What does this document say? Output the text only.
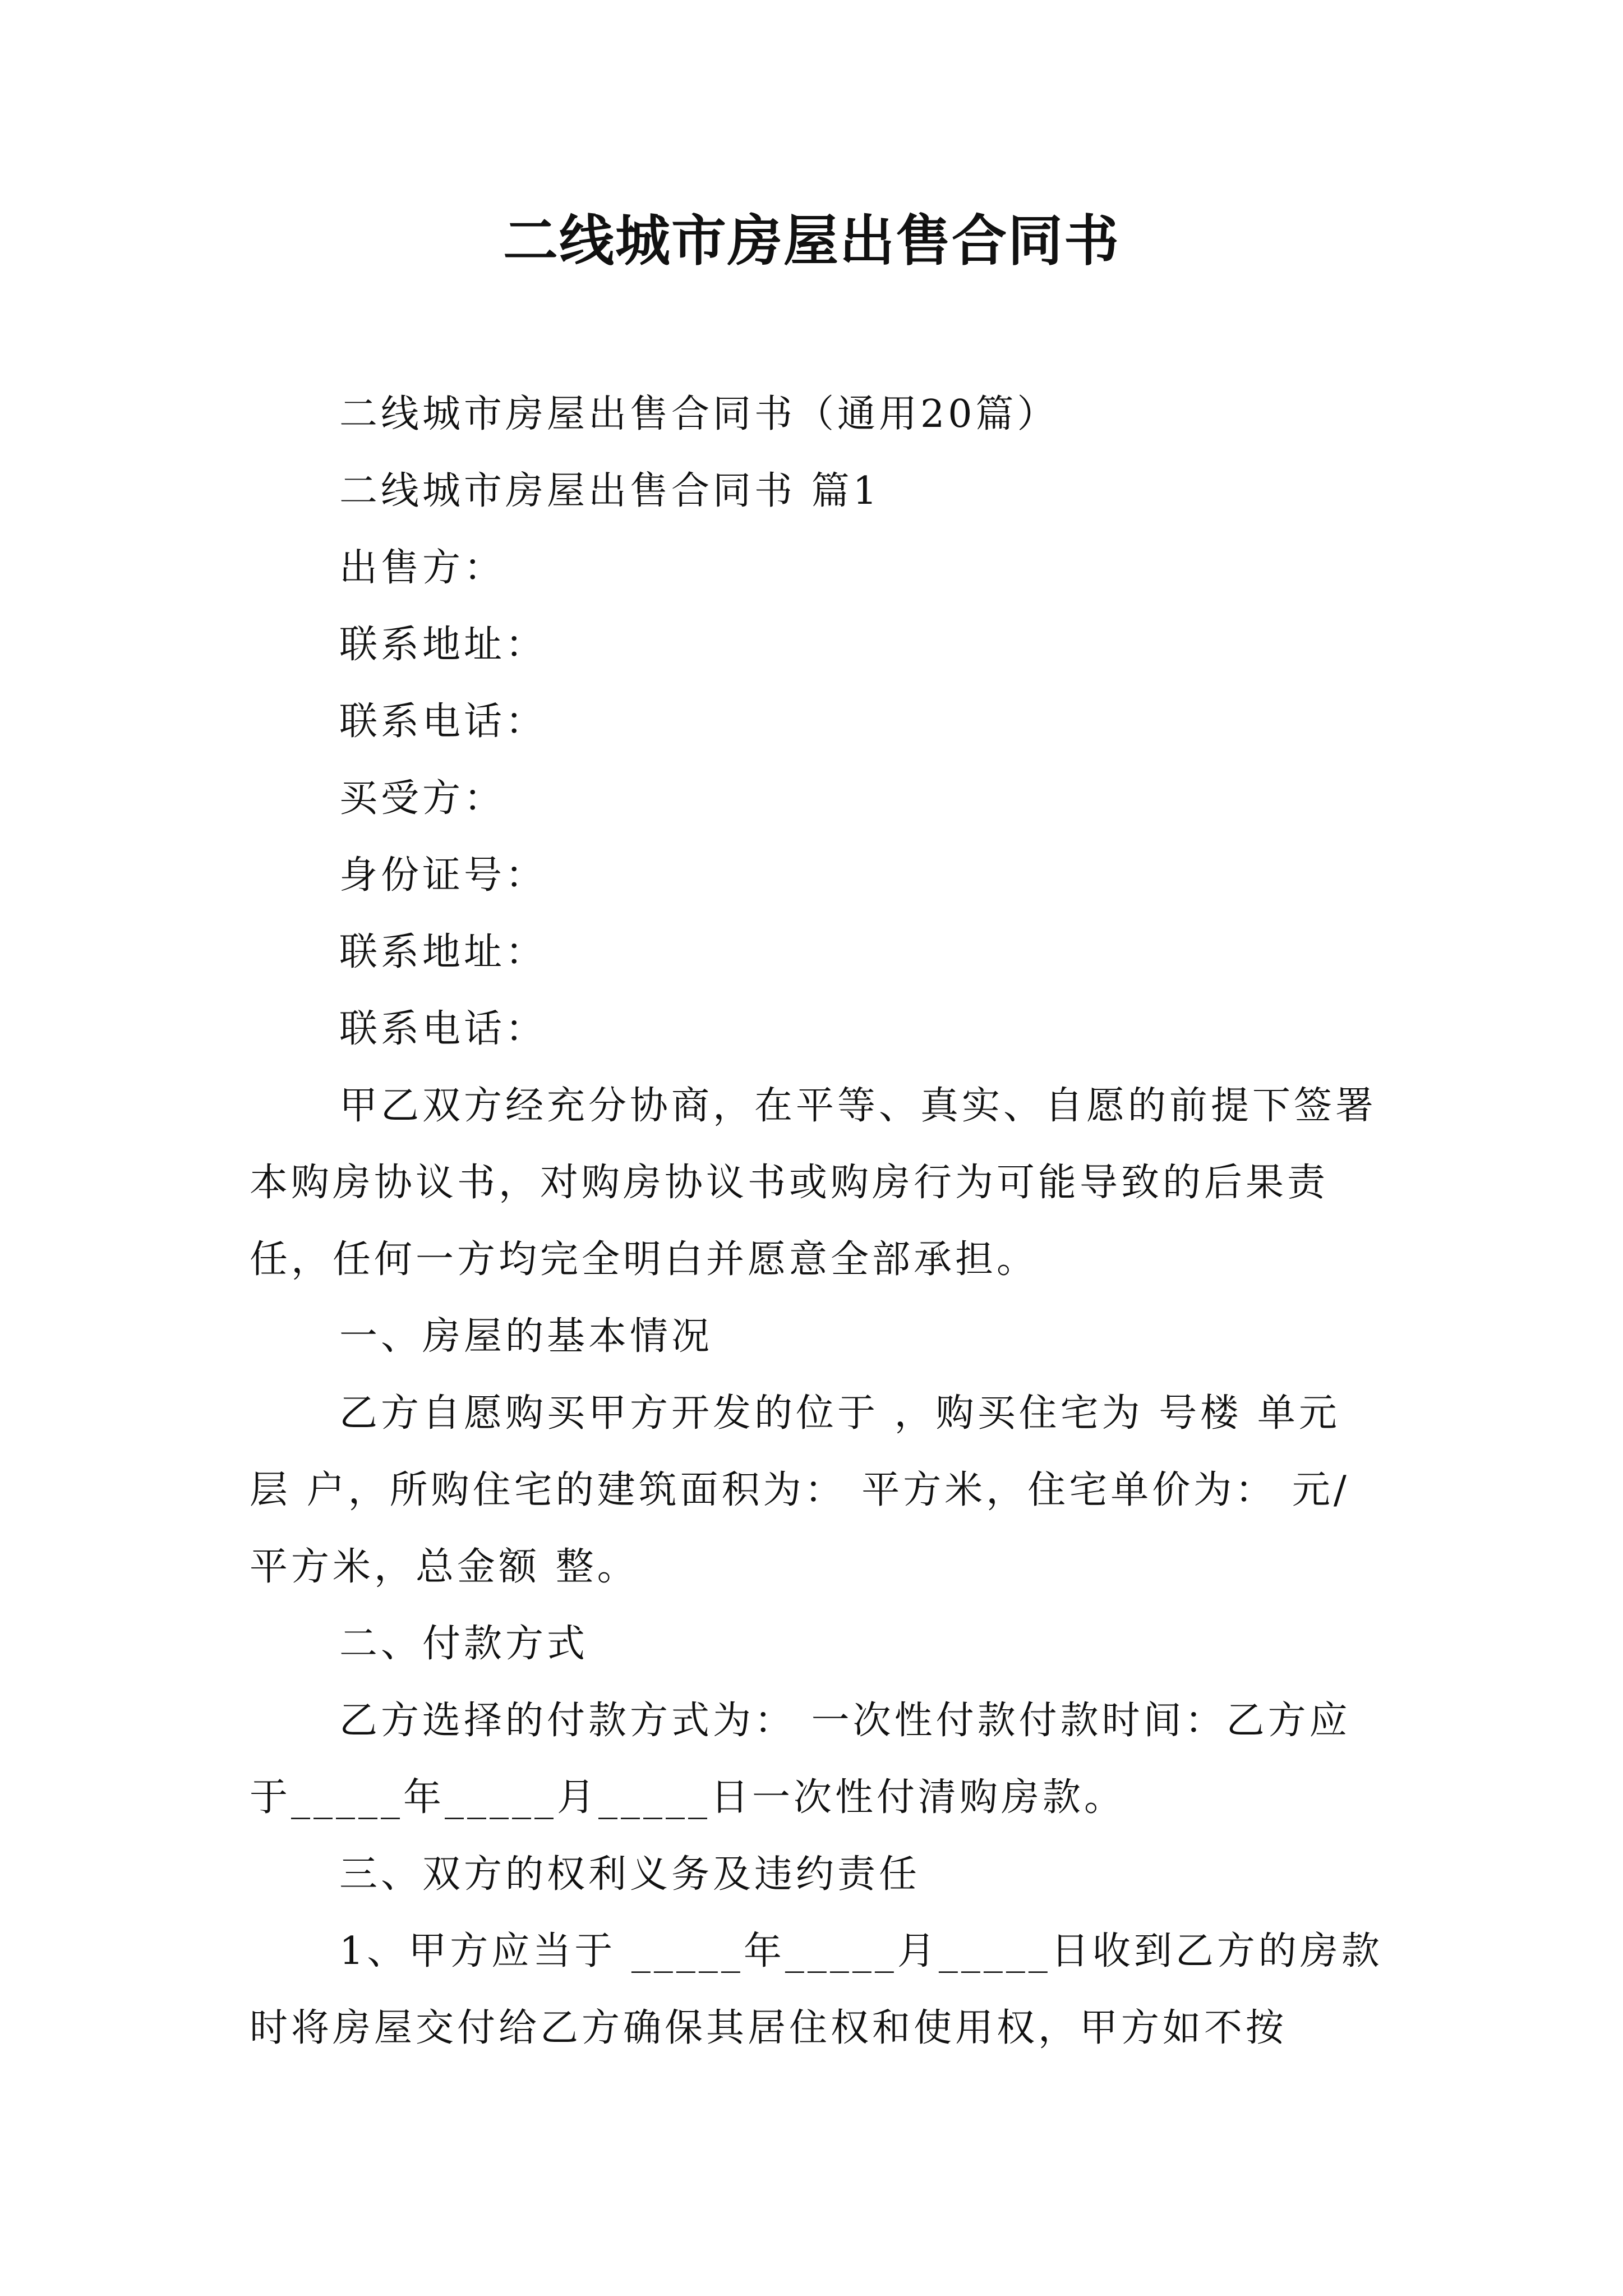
二线城市房屋出售合同书

二线城市房屋出售合同书（通用20篇）

二线城市房屋出售合同书 篇1

出售方：

联系地址：

联系电话：

买受方：

身份证号：

联系地址：

联系电话：

甲乙双方经充分协商，在平等、真实、自愿的前提下签署本购房协议书，对购房协议书或购房行为可能导致的后果责任，任何一方均完全明白并愿意全部承担。

一、房屋的基本情况

乙方自愿购买甲方开发的位于 ，购买住宅为 号楼 单元 层 户，所购住宅的建筑面积为： 平方米，住宅单价为： 元/平方米，总金额 整。

二、付款方式

乙方选择的付款方式为： 一次性付款付款时间：乙方应于_____年_____月_____日一次性付清购房款。

三、双方的权利义务及违约责任

1、甲方应当于 _____年_____月_____日收到乙方的房款时将房屋交付给乙方确保其居住权和使用权，甲方如不按
